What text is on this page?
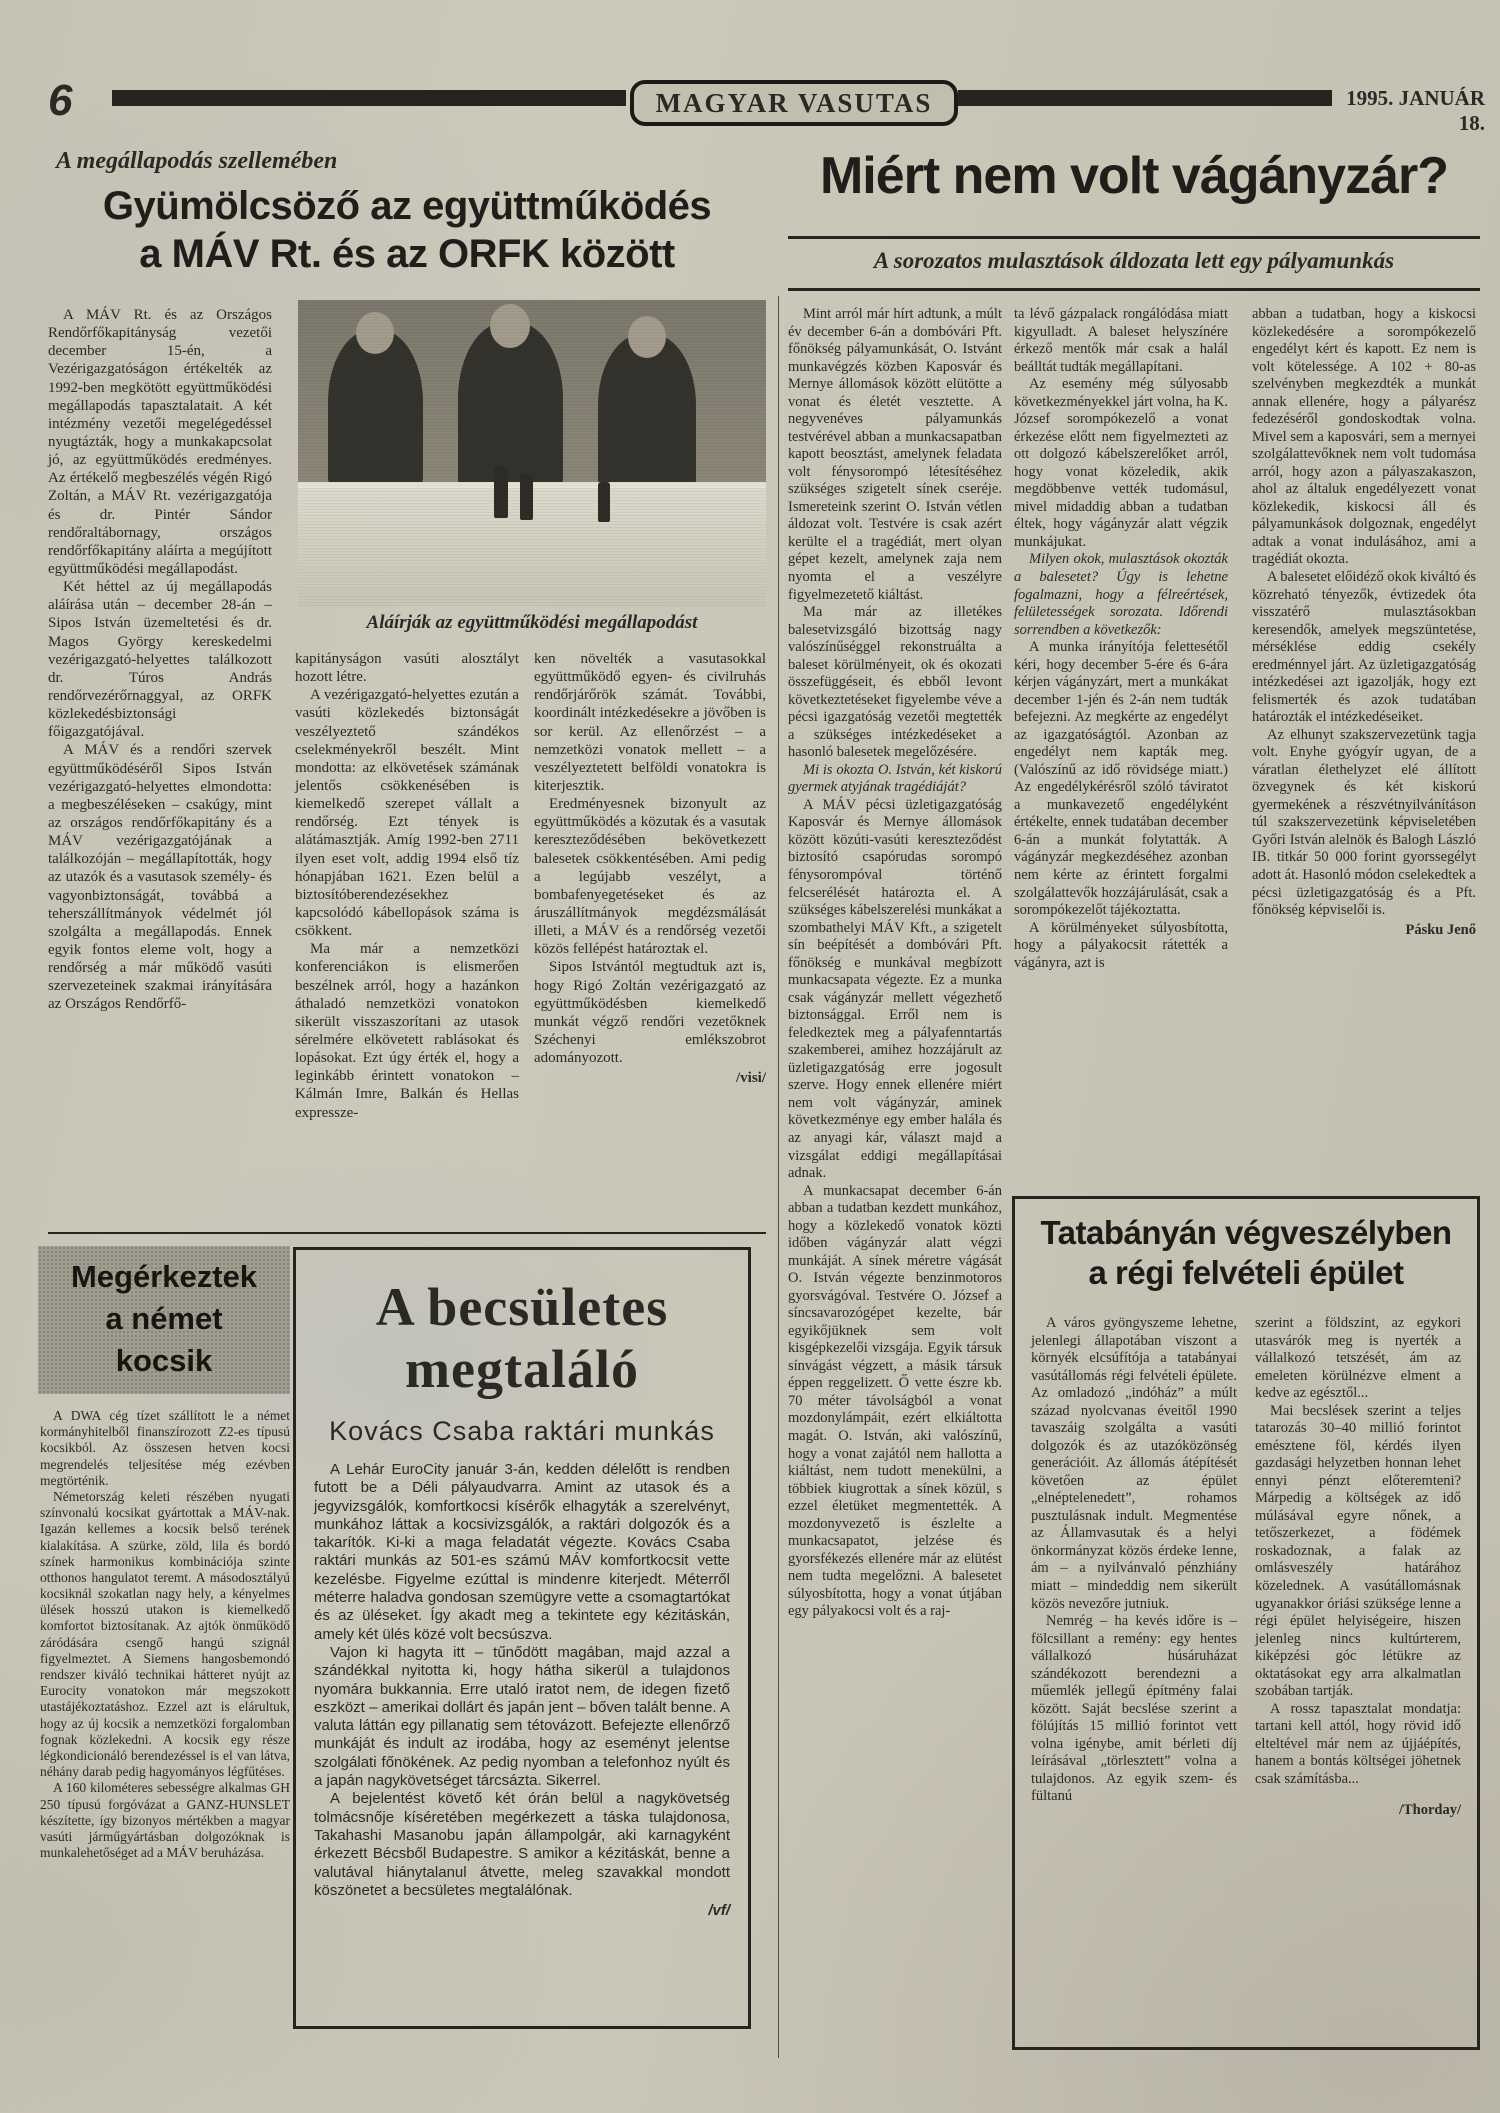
6	MAGYAR VASUTAS	1995. JANUÁR 18.
A megállapodás szellemében
Gyümölcsöző az együttműködés
a MÁV Rt. és az ORFK között

A MÁV Rt. és az Országos Rendőrfőkapitányság vezetői december 15-én, a Vezérigazgatóságon értékelték az 1992-ben megkötött együttműködési megállapodás tapasztalatait. A két intézmény vezetői megelégedéssel nyugtázták, hogy a munkakapcsolat jó, az együttműködés eredményes. Az értékelő megbeszélés végén Rigó Zoltán, a MÁV Rt. vezérigazgatója és dr. Pintér Sándor rendőraltábornagy, országos rendőrfőkapitány aláírta a megújított együttműködési megállapodást.

Két héttel az új megállapodás aláírása után – december 28-án – Sipos István üzemeltetési és dr. Magos György kereskedelmi vezérigazgató-helyettes találkozott dr. Túros András rendőrvezérőrnaggyal, az ORFK közlekedésbiztonsági főigazgatójával.

A MÁV és a rendőri szervek együttműködéséről Sipos István vezérigazgató-helyettes elmondotta: a megbeszéléseken – csakúgy, mint az országos rendőrfőkapitány és a MÁV vezérigazgatójának a találkozóján – megállapították, hogy az utazók és a vasutasok személy- és vagyonbiztonságát, továbbá a teherszállítmányok védelmét jól szolgálta a megállapodás. Ennek egyik fontos eleme volt, hogy a rendőrség a már működő vasúti szervezeteinek szakmai irányítására az Országos Rendőrfő-

Aláírják az együttműködési megállapodást

kapitányságon vasúti alosztályt hozott létre.

A vezérigazgató-helyettes ezután a vasúti közlekedés biztonságát veszélyeztető szándékos cselekményekről beszélt. Mint mondotta: az elkövetések számának jelentős csökkenésében is kiemelkedő szerepet vállalt a rendőrség. Ezt tények is alátámasztják. Amíg 1992-ben 2711 ilyen eset volt, addig 1994 első tíz hónapjában 1621. Ezen belül a biztosítóberendezésekhez kapcsolódó kábellopások száma is csökkent.

Ma már a nemzetközi konferenciákon is elismerően beszélnek arról, hogy a hazánkon áthaladó nemzetközi vonatokon sikerült visszaszorítani az utasok sérelmére elkövetett rablásokat és lopásokat. Ezt úgy érték el, hogy a leginkább érintett vonatokon – Kálmán Imre, Balkán és Hellas expressze-

ken növelték a vasutasokkal együttműködő egyen- és civilruhás rendőrjárőrök számát. További, koordinált intézkedésekre a jövőben is sor kerül. Az ellenőrzést – a nemzetközi vonatok mellett – a veszélyeztetett belföldi vonatokra is kiterjesztik.

Eredményesnek bizonyult az együttműködés a közutak és a vasutak kereszteződésében bekövetkezett balesetek csökkentésében. Ami pedig a legújabb veszélyt, a bombafenyegetéseket és az áruszállítmányok megdézsmálását illeti, a MÁV és a rendőrség vezetői közös fellépést határoztak el.

Sipos Istvántól megtudtuk azt is, hogy Rigó Zoltán vezérigazgató az együttműködésben kiemelkedő munkát végző rendőri vezetőknek Széchenyi emlékszobrot adományozott.

/visi/
Miért nem volt vágányzár?
A sorozatos mulasztások áldozata lett egy pályamunkás

Mint arról már hírt adtunk, a múlt év december 6-án a dombóvári Pft. főnökség pályamunkását, O. Istvánt munkavégzés közben Kaposvár és Mernye állomások között elütötte a vonat és életét vesztette. A negyvenéves pályamunkás testvérével abban a munkacsapatban kapott beosztást, amelynek feladata volt fénysorompó létesítéséhez szükséges szigetelt sínek cseréje. Ismereteink szerint O. István vétlen áldozat volt. Testvére is csak azért kerülte el a tragédiát, mert olyan gépet kezelt, amelynek zaja nem nyomta el a veszélyre figyelmezetető kiáltást.

Ma már az illetékes balesetvizsgáló bizottság nagy valószínűséggel rekonstruálta a baleset körülményeit, ok és okozati összefüggéseit, és ebből levont következtetéseket figyelembe véve a pécsi igazgatóság vezetői megtették a szükséges intézkedéseket a hasonló balesetek megelőzésére.

Mi is okozta O. István, két kiskorú gyermek atyjának tragédiáját?

A MÁV pécsi üzletigazgatóság Kaposvár és Mernye állomások között közúti-vasúti kereszteződést biztosító csapórudas sorompó fénysorompóval történő felcserélését határozta el. A szükséges kábelszerelési munkákat a szombathelyi MÁV Kft., a szigetelt sín beépítését a dombóvári Pft. főnökség e munkával megbízott munkacsapata végezte. Ez a munka csak vágányzár mellett végezhető biztonsággal. Erről nem is feledkeztek meg a pályafenntartás szakemberei, amihez hozzájárult az üzletigazgatóság erre jogosult szerve. Hogy ennek ellenére miért nem volt vágányzár, aminek következménye egy ember halála és az anyagi kár, választ majd a vizsgálat eddigi megállapításai adnak.

A munkacsapat december 6-án abban a tudatban kezdett munkához, hogy a közlekedő vonatok közti időben vágányzár alatt végzi munkáját. A sínek méretre vágását O. István végezte benzinmotoros gyorsvágóval. Testvére O. József a síncsavarozógépet kezelte, bár egyikőjüknek sem volt kisgépkezelői vizsgája. Egyik társuk sínvágást végzett, a másik társuk éppen reggelizett. Ő vette észre kb. 70 méter távolságból a vonat mozdonylámpáit, ezért elkiáltotta magát. O. István, aki valószínű, hogy a vonat zajától nem hallotta a kiáltást, nem tudott menekülni, a többiek kiugrottak a sínek közül, s ezzel életüket megmentették. A mozdonyvezető is észlelte a munkacsapatot, jelzése és gyorsfékezés ellenére már az elütést nem tudta megelőzni. A balesetet súlyosbította, hogy a vonat útjában egy pályakocsi volt és a raj-

ta lévő gázpalack rongálódása miatt kigyulladt. A baleset helyszínére érkező mentők már csak a halál beálltát tudták megállapítani.

Az esemény még súlyosabb következményekkel járt volna, ha K. József sorompókezelő a vonat érkezése előtt nem figyelmezteti az ott dolgozó kábelszerelőket arról, hogy vonat közeledik, akik megdöbbenve vették tudomásul, mivel midaddig abban a tudatban éltek, hogy vágányzár alatt végzik munkájukat.

Milyen okok, mulasztások okozták a balesetet? Úgy is lehetne fogalmazni, hogy a félreértések, felületességek sorozata. Időrendi sorrendben a következők:

A munka irányítója felettesétől kéri, hogy december 5-ére és 6-ára kérjen vágányzárt, mert a munkákat december 1-jén és 2-án nem tudták befejezni. Az megkérte az engedélyt az igazgatóságtól. Azonban az engedélyt nem kapták meg. (Valószínű az idő rövidsége miatt.) Az engedélykérésről szóló táviratot a munkavezető engedélyként értékelte, ennek tudatában december 6-án a munkát folytatták. A vágányzár megkezdéséhez azonban nem kérte az érintett forgalmi szolgálattevők hozzájárulását, csak a sorompókezelőt tájékoztatta.

A körülményeket súlyosbította, hogy a pályakocsit rátették a vágányra, azt is

abban a tudatban, hogy a kiskocsi közlekedésére a sorompókezelő engedélyt kért és kapott. Ez nem is volt kötelessége. A 102 + 80-as szelvényben megkezdték a munkát annak ellenére, hogy a pályarész fedezéséről gondoskodtak volna. Mivel sem a kaposvári, sem a mernyei szolgálattevőknek nem volt tudomása arról, hogy azon a pályaszakaszon, ahol az általuk engedélyezett vonat közlekedik, kiskocsi áll és pályamunkások dolgoznak, engedélyt adtak a vonat indulásához, ami a tragédiát okozta.

A balesetet előidéző okok kiváltó és közreható tényezők, évtizedek óta visszatérő mulasztásokban keresendők, amelyek megszüntetése, mérséklése eddig csekély eredménnyel járt. Az üzletigazgatóság intézkedései azt igazolják, hogy ezt felismerték és azok tudatában határozták el intézkedéseiket.

Az elhunyt szakszervezetünk tagja volt. Enyhe gyógyír ugyan, de a váratlan élethelyzet elé állított özvegynek és két kiskorú gyermekének a részvétnyilvánításon túl szakszervezetünk képviseletében Győri István alelnök és Balogh László IB. titkár 50 000 forint gyorssegélyt adott át. Hasonló módon cselekedtek a pécsi üzletigazgatóság és a Pft. főnökség képviselői is.

Pásku Jenő
Megérkeztek
a német
kocsik

A DWA cég tízet szállított le a német kormányhitelből finanszírozott Z2-es típusú kocsikból. Az összesen hetven kocsi megrendelés teljesítése még ezévben megtörténik.

Németország keleti részében nyugati színvonalú kocsikat gyártottak a MÁV-nak. Igazán kellemes a kocsik belső terének kialakítása. A szürke, zöld, lila és bordó színek harmonikus kombinációja szinte otthonos hangulatot teremt. A másodosztályú kocsiknál szokatlan nagy hely, a kényelmes ülések hosszú utakon is kiemelkedő komfortot biztosítanak. Az ajtók önműködő záródására csengő hangú szignál figyelmeztet. A Siemens hangosbemondó rendszer kiváló technikai hátteret nyújt az Eurocity vonatokon már megszokott utastájékoztatáshoz. Ezzel azt is elárultuk, hogy az új kocsik a nemzetközi forgalomban fognak közlekedni. A kocsik egy része légkondicionáló berendezéssel is el van látva, néhány darab pedig hagyományos légfűtéses.

A 160 kilométeres sebességre alkalmas GH 250 típusú forgóvázat a GANZ-HUNSLET készítette, így bizonyos mértékben a magyar vasúti járműgyártásban dolgozóknak is munkalehetőséget ad a MÁV beruházása.

A becsületes
megtaláló
Kovács Csaba raktári munkás

A Lehár EuroCity január 3-án, kedden délelőtt is rendben futott be a Déli pályaudvarra. Amint az utasok és a jegyvizsgálók, komfortkocsi kísérők elhagyták a szerelvényt, munkához láttak a kocsivizsgálók, a raktári dolgozók és a takarítók. Ki-ki a maga feladatát végezte. Kovács Csaba raktári munkás az 501-es számú MÁV komfortkocsit vette kezelésbe. Figyelme ezúttal is mindenre kiterjedt. Méterről méterre haladva gondosan szemügyre vette a csomagtartókat és az üléseket. Így akadt meg a tekintete egy kézitáskán, amely két ülés közé volt becsúszva.

Vajon ki hagyta itt – tűnődött magában, majd azzal a szándékkal nyitotta ki, hogy hátha sikerül a tulajdonos nyomára bukkannia. Erre utaló iratot nem, de idegen fizető eszközt – amerikai dollárt és japán jent – bőven talált benne. A valuta láttán egy pillanatig sem tétovázott. Befejezte ellenőrző munkáját és indult az irodába, hogy az eseményt jelentse szolgálati főnökének. Az pedig nyomban a telefonhoz nyúlt és a japán nagykövetséget tárcsázta. Sikerrel.

A bejelentést követő két órán belül a nagykövetség tolmácsnője kíséretében megérkezett a táska tulajdonosa, Takahashi Masanobu japán állampolgár, aki karnagyként érkezett Bécsből Budapestre. S amikor a kézitáskát, benne a valutával hiánytalanul átvette, meleg szavakkal mondott köszönetet a becsületes megtalálónak.

/vf/
Tatabányán végveszélyben
a régi felvételi épület

A város gyöngyszeme lehetne, jelenlegi állapotában viszont a környék elcsúfítója a tatabányai vasútállomás régi felvételi épülete. Az omladozó „indóház” a múlt század nyolcvanas éveitől 1990 tavaszáig szolgálta a vasúti dolgozók és az utazóközönség generációit. Az állomás átépítését követően az épület „elnéptelenedett”, rohamos pusztulásnak indult. Megmentése az Államvasutak és a helyi önkormányzat közös érdeke lenne, ám – a nyilvánvaló pénzhiány miatt – mindeddig nem sikerült közös nevezőre jutniuk.

Nemrég – ha kevés időre is – fölcsillant a remény: egy hentes vállalkozó húsáruházat szándékozott berendezni a műemlék jellegű építmény falai között. Saját becslése szerint a fölújítás 15 millió forintot vett volna igénybe, amit bérleti díj leírásával „törlesztett” volna a tulajdonos. Az egyik szem- és fültanú

szerint a földszint, az egykori utasvárók meg is nyerték a vállalkozó tetszését, ám az emeleten körülnézve elment a kedve az egésztől...

Mai becslések szerint a teljes tatarozás 30–40 millió forintot emésztene föl, kérdés ilyen gazdasági helyzetben honnan lehet ennyi pénzt előteremteni? Márpedig a költségek az idő múlásával egyre nőnek, a tetőszerkezet, a födémek roskadoznak, a falak az omlásveszély határához közelednek. A vasútállomásnak ugyanakkor óriási szüksége lenne a régi épület helyiségeire, hiszen jelenleg nincs kultúrterem, kiképzési góc létükre az oktatásokat egy arra alkalmatlan szobában tartják.

A rossz tapasztalat mondatja: tartani kell attól, hogy rövid idő elteltével már nem az újjáépítés, hanem a bontás költségei jöhetnek csak számításba...

/Thorday/
